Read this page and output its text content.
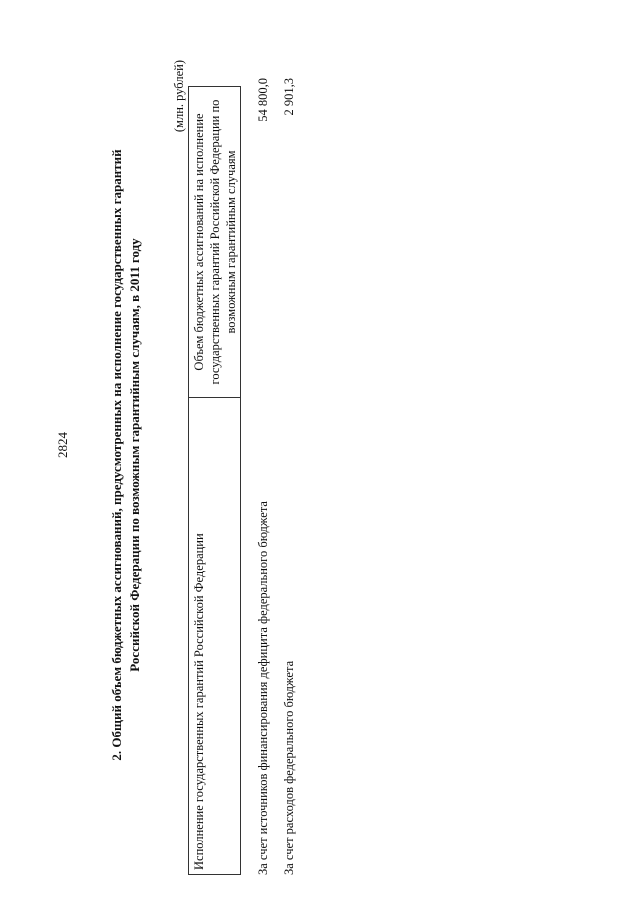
2824	2. Общий объем бюджетных ассигнований, предусмотренных на исполнение государственных гарантий Российской Федерации по возможным гарантийным случаям, в 2011 году
(млн. рублей)
Исполнение государственных гарантий Российской Федерации
Объем бюджетных ассигнований на исполнение государственных гарантий Российской Федерации по возможным гарантийным случаям
За счет источников финансирования дефицита федерального бюджета
54 800,0
За счет расходов федерального бюджета
2 901,3
